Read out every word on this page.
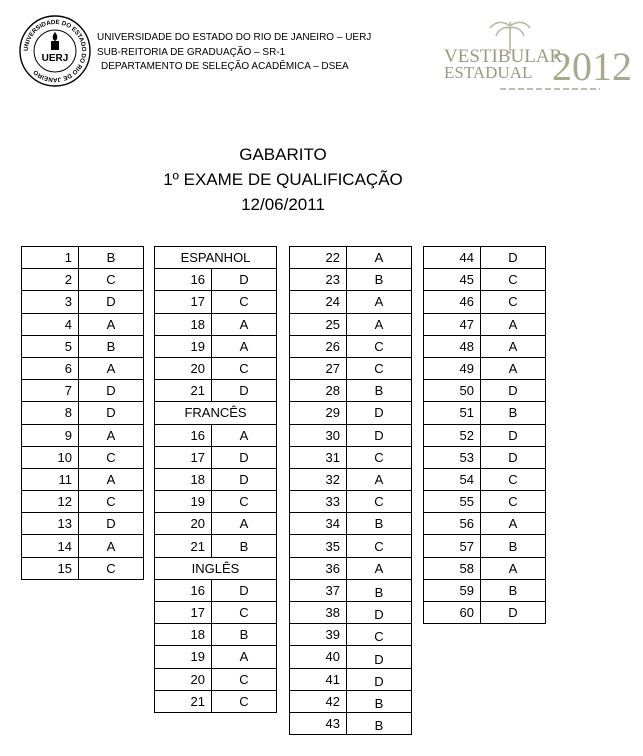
UNIVERSIDADE DO ESTADO DO RIO DE JANEIRO
UERJ
UNIVERSIDADE DO ESTADO DO RIO DE JANEIRO – UERJ
SUB-REITORIA DE GRADUAÇÃO – SR-1
DEPARTAMENTO DE SELEÇÃO ACADÊMICA – DSEA	VESTIBULAR
ESTADUAL 2012
GABARITO
1º EXAME DE QUALIFICAÇÃO
12/06/2011
1	B
2	C
3	D
4	A
5	B
6	A
7	D
8	D
9	A
10	C
11	A
12	C
13	D
14	A
15	C
ESPANHOL	
16	D
17	C
18	A
19	A
20	C
21	D
FRANCÊS	
16	A
17	D
18	D
19	C
20	A
21	B
INGLÊS	
16	D
17	C
18	B
19	A
20	C
21	C
22	A
23	B
24	A
25	A
26	C
27	C
28	B
29	D
30	D
31	C
32	A
33	C
34	B
35	C
36	A
37	B
38	D
39	C
40	D
41	D
42	B
43	B
44	D
45	C
46	C
47	A
48	A
49	A
50	D
51	B
52	D
53	D
54	C
55	C
56	A
57	B
58	A
59	B
60	D
